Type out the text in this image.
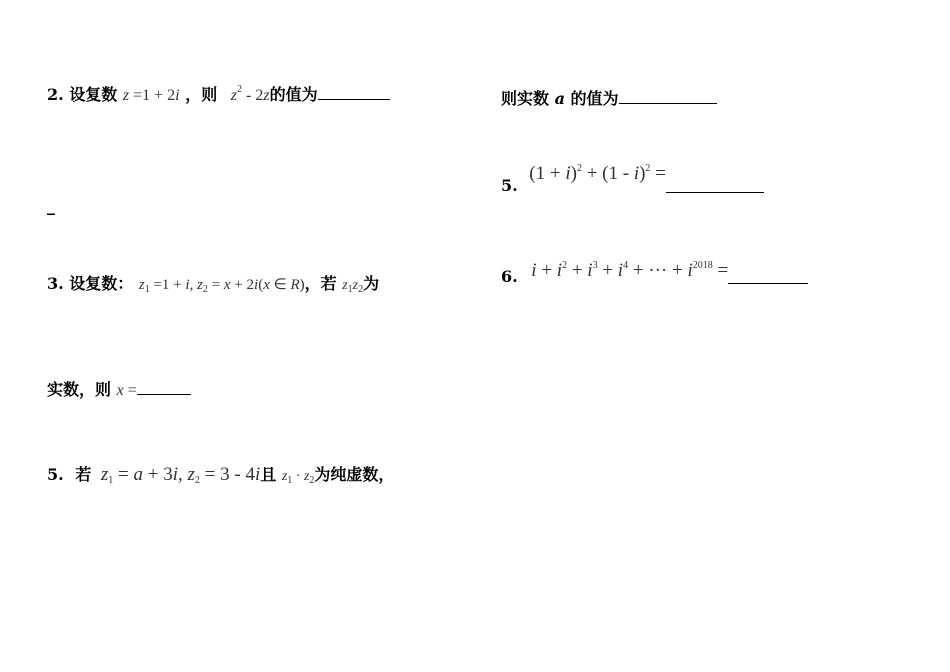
2. 设复数 z =1 + 2i ，则 $z^2 - 2z$的值为
_
3. 设复数： $z_1 =1 + i$, $z_2 = x + 2i(x$ ∈ R)，若 $z_1z_2$为
实数，则 x =
5. 若 $z_1 = a + 3i$, $z_2 = 3 - 4i$且 $z_1 \cdot z_2$为纯虚数，
则实数 a 的值为
5. $(1 + i)^2 + (1 - i)^2$ =
6. $i + i^2 + i^3 + i^4$ + ··· + $i^{2018}$ =
